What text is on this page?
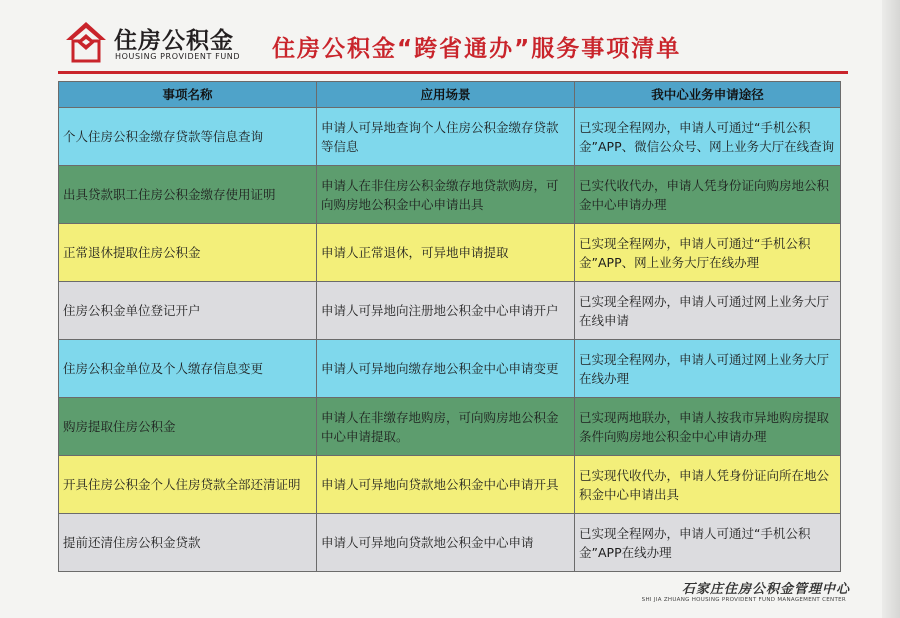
住房公积金
HOUSING PROVIDENT FUND 住房公积金“跨省通办”服务事项清单
事项名称	应用场景	我中心业务申请途径
个人住房公积金缴存贷款等信息查询	申请人可异地查询个人住房公积金缴存贷款等信息	已实现全程网办，申请人可通过“手机公积金”APP、微信公众号、网上业务大厅在线查询
出具贷款职工住房公积金缴存使用证明	申请人在非住房公积金缴存地贷款购房，可向购房地公积金中心申请出具	已实代收代办，申请人凭身份证向购房地公积金中心申请办理
正常退休提取住房公积金	申请人正常退休，可异地申请提取	已实现全程网办，申请人可通过“手机公积金”APP、网上业务大厅在线办理
住房公积金单位登记开户	申请人可异地向注册地公积金中心申请开户	已实现全程网办，申请人可通过网上业务大厅在线申请
住房公积金单位及个人缴存信息变更	申请人可异地向缴存地公积金中心申请变更	已实现全程网办，申请人可通过网上业务大厅在线办理
购房提取住房公积金	申请人在非缴存地购房，可向购房地公积金中心申请提取。	已实现两地联办，申请人按我市异地购房提取条件向购房地公积金中心申请办理
开具住房公积金个人住房贷款全部还清证明	申请人可异地向贷款地公积金中心申请开具	已实现代收代办，申请人凭身份证向所在地公积金中心申请出具
提前还清住房公积金贷款	申请人可异地向贷款地公积金中心申请	已实现全程网办，申请人可通过“手机公积金”APP在线办理
石家庄住房公积金管理中心
SHI JIA ZHUANG HOUSING PROVIDENT FUND MANAGEMENT CENTER
